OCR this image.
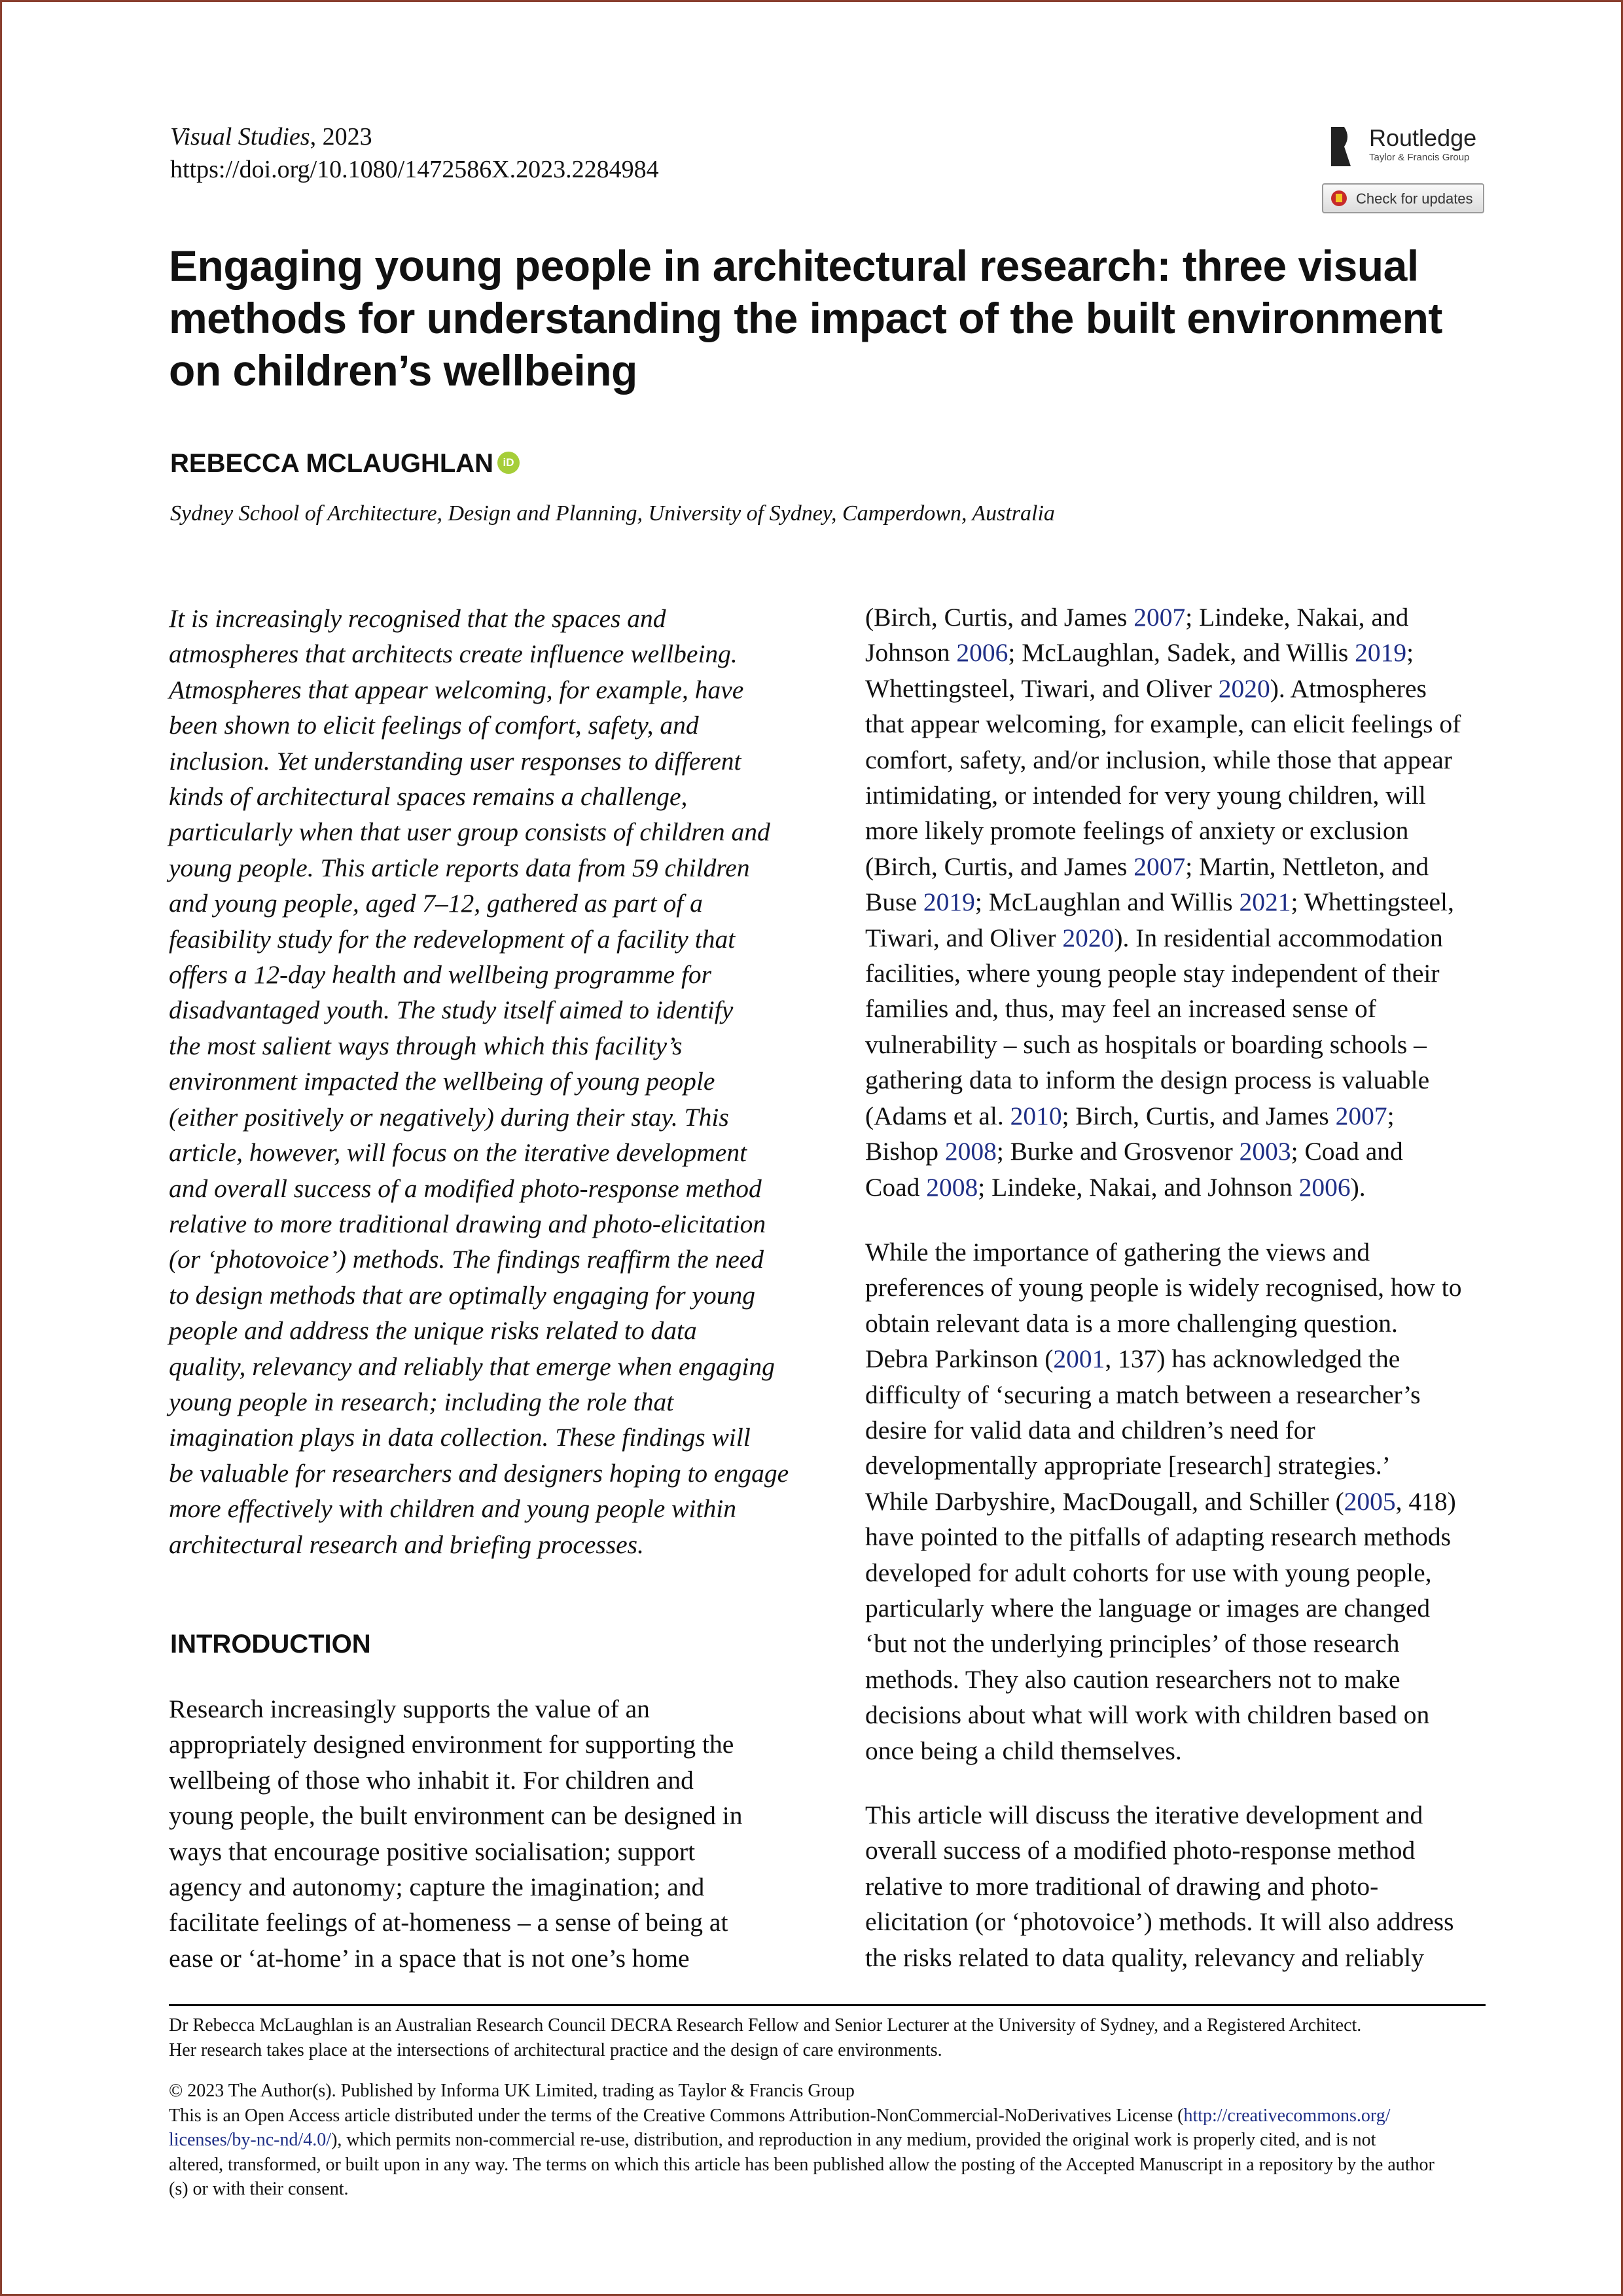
Visual Studies, 2023
https://doi.org/10.1080/1472586X.2023.2284984
Routledge
Taylor & Francis Group
Check for updates
Engaging young people in architectural research: three visual methods for understanding the impact of the built environment on children’s wellbeing
REBECCA MCLAUGHLAN iD
Sydney School of Architecture, Design and Planning, University of Sydney, Camperdown, Australia
It is increasingly recognised that the spaces and
atmospheres that architects create influence wellbeing.
Atmospheres that appear welcoming, for example, have
been shown to elicit feelings of comfort, safety, and
inclusion. Yet understanding user responses to different
kinds of architectural spaces remains a challenge,
particularly when that user group consists of children and
young people. This article reports data from 59 children
and young people, aged 7–12, gathered as part of a
feasibility study for the redevelopment of a facility that
offers a 12-day health and wellbeing programme for
disadvantaged youth. The study itself aimed to identify
the most salient ways through which this facility’s
environment impacted the wellbeing of young people
(either positively or negatively) during their stay. This
article, however, will focus on the iterative development
and overall success of a modified photo-response method
relative to more traditional drawing and photo-elicitation
(or ‘photovoice’) methods. The findings reaffirm the need
to design methods that are optimally engaging for young
people and address the unique risks related to data
quality, relevancy and reliably that emerge when engaging
young people in research; including the role that
imagination plays in data collection. These findings will
be valuable for researchers and designers hoping to engage
more effectively with children and young people within
architectural research and briefing processes.
INTRODUCTION
Research increasingly supports the value of an
appropriately designed environment for supporting the
wellbeing of those who inhabit it. For children and
young people, the built environment can be designed in
ways that encourage positive socialisation; support
agency and autonomy; capture the imagination; and
facilitate feelings of at-homeness – a sense of being at
ease or ‘at-home’ in a space that is not one’s home
(Birch, Curtis, and James 2007; Lindeke, Nakai, and
Johnson 2006; McLaughlan, Sadek, and Willis 2019;
Whettingsteel, Tiwari, and Oliver 2020). Atmospheres
that appear welcoming, for example, can elicit feelings of
comfort, safety, and/or inclusion, while those that appear
intimidating, or intended for very young children, will
more likely promote feelings of anxiety or exclusion
(Birch, Curtis, and James 2007; Martin, Nettleton, and
Buse 2019; McLaughlan and Willis 2021; Whettingsteel,
Tiwari, and Oliver 2020). In residential accommodation
facilities, where young people stay independent of their
families and, thus, may feel an increased sense of
vulnerability – such as hospitals or boarding schools –
gathering data to inform the design process is valuable
(Adams et al. 2010; Birch, Curtis, and James 2007;
Bishop 2008; Burke and Grosvenor 2003; Coad and
Coad 2008; Lindeke, Nakai, and Johnson 2006).
While the importance of gathering the views and
preferences of young people is widely recognised, how to
obtain relevant data is a more challenging question.
Debra Parkinson (2001, 137) has acknowledged the
difficulty of ‘securing a match between a researcher’s
desire for valid data and children’s need for
developmentally appropriate [research] strategies.’
While Darbyshire, MacDougall, and Schiller (2005, 418)
have pointed to the pitfalls of adapting research methods
developed for adult cohorts for use with young people,
particularly where the language or images are changed
‘but not the underlying principles’ of those research
methods. They also caution researchers not to make
decisions about what will work with children based on
once being a child themselves.
This article will discuss the iterative development and
overall success of a modified photo-response method
relative to more traditional of drawing and photo-
elicitation (or ‘photovoice’) methods. It will also address
the risks related to data quality, relevancy and reliably
Dr Rebecca McLaughlan is an Australian Research Council DECRA Research Fellow and Senior Lecturer at the University of Sydney, and a Registered Architect.
Her research takes place at the intersections of architectural practice and the design of care environments.
© 2023 The Author(s). Published by Informa UK Limited, trading as Taylor & Francis Group
This is an Open Access article distributed under the terms of the Creative Commons Attribution-NonCommercial-NoDerivatives License (http://creativecommons.org/
licenses/by-nc-nd/4.0/), which permits non-commercial re-use, distribution, and reproduction in any medium, provided the original work is properly cited, and is not
altered, transformed, or built upon in any way. The terms on which this article has been published allow the posting of the Accepted Manuscript in a repository by the author
(s) or with their consent.
